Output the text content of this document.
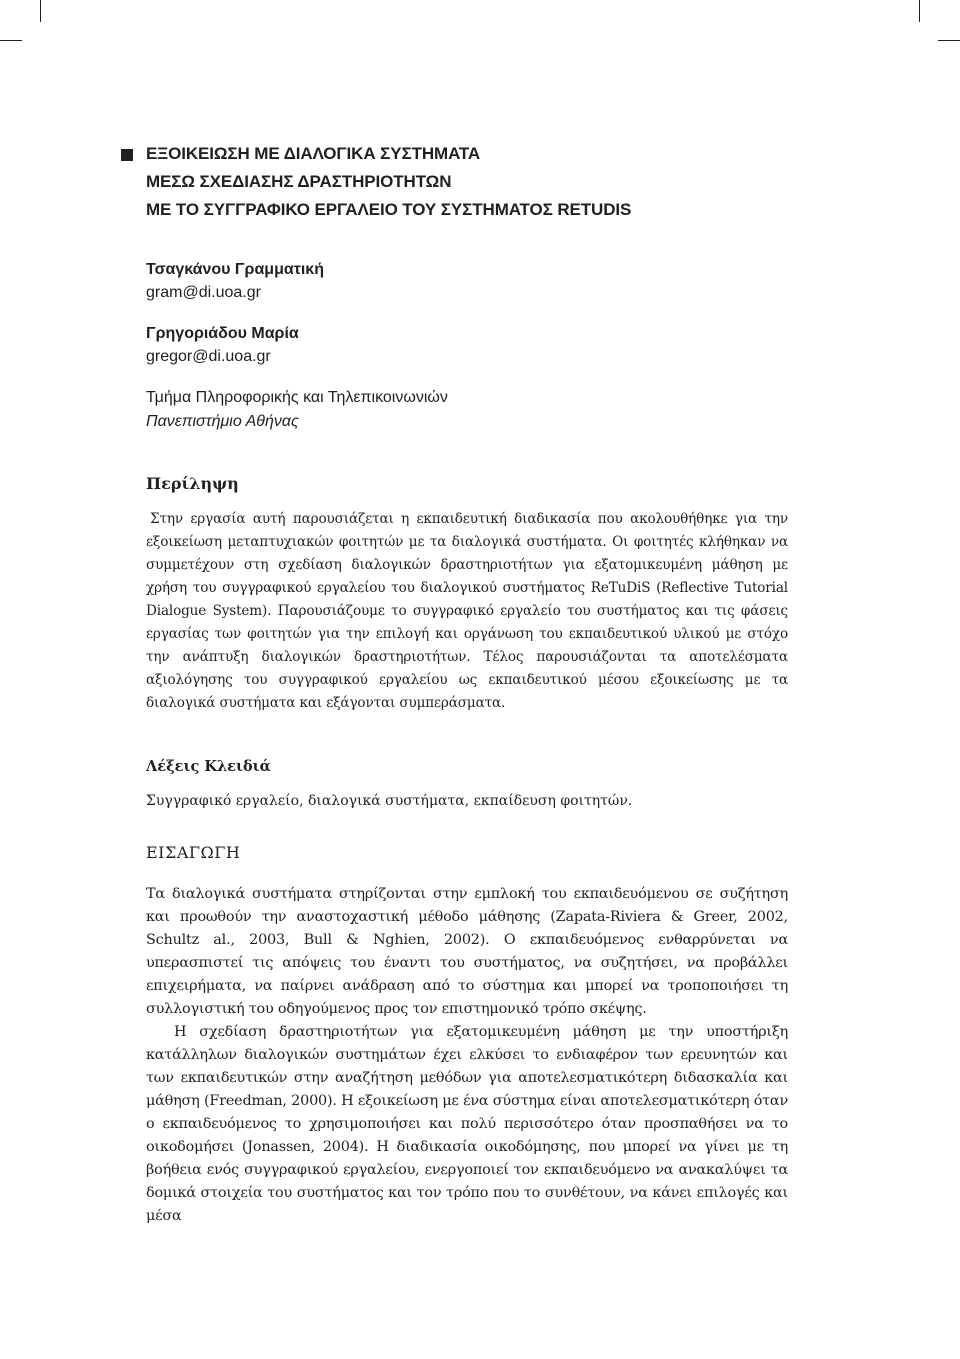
ΕΞΟΙΚΕΙΩΣΗ ΜΕ ΔΙΑΛΟΓΙΚΑ ΣΥΣΤΗΜΑΤΑ
ΜΕΣΩ ΣΧΕΔΙΑΣΗΣ ΔΡΑΣΤΗΡΙΟΤΗΤΩΝ
ΜΕ ΤΟ ΣΥΓΓΡΑΦΙΚΟ ΕΡΓΑΛΕΙΟ ΤΟΥ ΣΥΣΤΗΜΑΤΟΣ RETUDIS
Τσαγκάνου Γραμματική
gram@di.uoa.gr
Γρηγοριάδου Μαρία
gregor@di.uoa.gr
Τμήμα Πληροφορικής και Τηλεπικοινωνιών
Πανεπιστήμιο Αθήνας
Περίληψη

Στην εργασία αυτή παρουσιάζεται η εκπαιδευτική διαδικασία που ακολουθήθηκε για την εξοικείωση μεταπτυχιακών φοιτητών με τα διαλογικά συστήματα. Οι φοιτητές κλήθηκαν να συμμετέχουν στη σχεδίαση διαλογικών δραστηριοτήτων για εξατομικευμένη μάθηση με χρήση του συγγραφικού εργαλείου του διαλογικού συστήματος ReTuDiS (Reflective Tutorial Dialogue System). Παρουσιάζουμε το συγγραφικό εργαλείο του συστήματος και τις φάσεις εργασίας των φοιτητών για την επιλογή και οργάνωση του εκπαιδευτικού υλικού με στόχο την ανάπτυξη διαλογικών δραστηριοτήτων. Τέλος παρουσιάζονται τα αποτελέσματα αξιολόγησης του συγγραφικού εργαλείου ως εκπαιδευτικού μέσου εξοικείωσης με τα διαλογικά συστήματα και εξάγονται συμπεράσματα.

Λέξεις Κλειδιά
Συγγραφικό εργαλείο, διαλογικά συστήματα, εκπαίδευση φοιτητών.
ΕΙΣΑΓΩΓΗ

Τα διαλογικά συστήματα στηρίζονται στην εμπλοκή του εκπαιδευόμενου σε συζήτηση και προωθούν την αναστοχαστική μέθοδο μάθησης (Zapata-Riviera & Greer, 2002, Schultz al., 2003, Bull & Nghien, 2002). Ο εκπαιδευόμενος ενθαρρύνεται να υπερασπιστεί τις απόψεις του έναντι του συστήματος, να συζητήσει, να προβάλλει επιχειρήματα, να παίρνει ανάδραση από το σύστημα και μπορεί να τροποποιήσει τη συλλογιστική του οδηγούμενος προς τον επιστημονικό τρόπο σκέψης.

Η σχεδίαση δραστηριοτήτων για εξατομικευμένη μάθηση με την υποστήριξη κατάλληλων διαλογικών συστημάτων έχει ελκύσει το ενδιαφέρον των ερευνητών και των εκπαιδευτικών στην αναζήτηση μεθόδων για αποτελεσματικότερη διδασκαλία και μάθηση (Freedman, 2000). Η εξοικείωση με ένα σύστημα είναι αποτελεσματικότερη όταν ο εκπαιδευόμενος το χρησιμοποιήσει και πολύ περισσότερο όταν προσπαθήσει να το οικοδομήσει (Jonassen, 2004). Η διαδικασία οικοδόμησης, που μπορεί να γίνει με τη βοήθεια ενός συγγραφικού εργαλείου, ενεργοποιεί τον εκπαιδευόμενο να ανακαλύψει τα δομικά στοιχεία του συστήματος και τον τρόπο που το συνθέτουν, να κάνει επιλογές και μέσα
